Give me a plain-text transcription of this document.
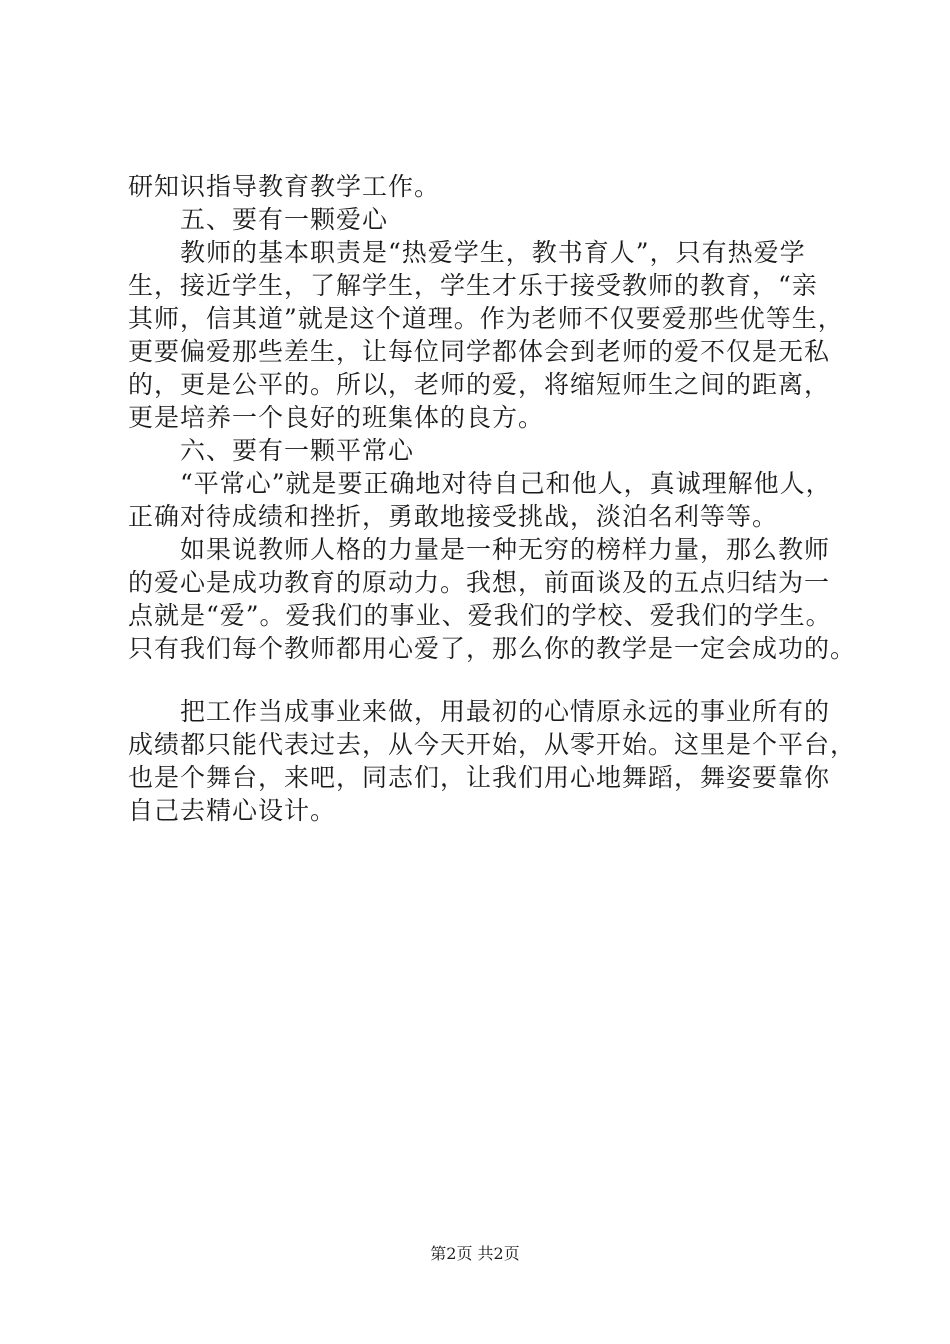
研知识指导教育教学工作。
五、要有一颗爱心
教师的基本职责是“热爱学生，教书育人”，只有热爱学
生，接近学生，了解学生，学生才乐于接受教师的教育，“亲
其师，信其道”就是这个道理。作为老师不仅要爱那些优等生，
更要偏爱那些差生，让每位同学都体会到老师的爱不仅是无私
的，更是公平的。所以，老师的爱，将缩短师生之间的距离，
更是培养一个良好的班集体的良方。
六、要有一颗平常心
“平常心”就是要正确地对待自己和他人，真诚理解他人，
正确对待成绩和挫折，勇敢地接受挑战，淡泊名利等等。
如果说教师人格的力量是一种无穷的榜样力量，那么教师
的爱心是成功教育的原动力。我想，前面谈及的五点归结为一
点就是“爱”。爱我们的事业、爱我们的学校、爱我们的学生。
只有我们每个教师都用心爱了，那么你的教学是一定会成功的。
把工作当成事业来做，用最初的心情原永远的事业所有的
成绩都只能代表过去，从今天开始，从零开始。这里是个平台，
也是个舞台，来吧，同志们，让我们用心地舞蹈，舞姿要靠你
自己去精心设计。
第2页 共2页
